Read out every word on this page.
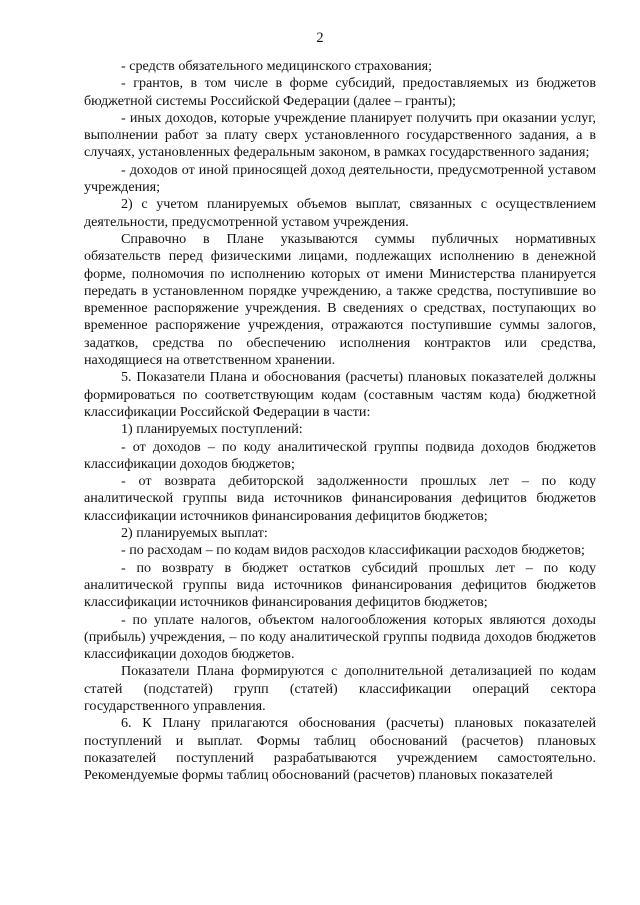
2

- средств обязательного медицинского страхования;

- грантов, в том числе в форме субсидий, предоставляемых из бюджетов бюджетной системы Российской Федерации (далее – гранты);

- иных доходов, которые учреждение планирует получить при оказании услуг, выполнении работ за плату сверх установленного государственного задания, а в случаях, установленных федеральным законом, в рамках государственного задания;

- доходов от иной приносящей доход деятельности, предусмотренной уставом учреждения;

2) с учетом планируемых объемов выплат, связанных с осуществлением деятельности, предусмотренной уставом учреждения.

Справочно в Плане указываются суммы публичных нормативных обязательств перед физическими лицами, подлежащих исполнению в денежной форме, полномочия по исполнению которых от имени Министерства планируется передать в установленном порядке учреждению, а также средства, поступившие во временное распоряжение учреждения. В сведениях о средствах, поступающих во временное распоряжение учреждения, отражаются поступившие суммы залогов, задатков, средства по обеспечению исполнения контрактов или средства, находящиеся на ответственном хранении.

5. Показатели Плана и обоснования (расчеты) плановых показателей должны формироваться по соответствующим кодам (составным частям кода) бюджетной классификации Российской Федерации в части:

1) планируемых поступлений:

- от доходов – по коду аналитической группы подвида доходов бюджетов классификации доходов бюджетов;

- от возврата дебиторской задолженности прошлых лет – по коду аналитической группы вида источников финансирования дефицитов бюджетов классификации источников финансирования дефицитов бюджетов;

2) планируемых выплат:

- по расходам – по кодам видов расходов классификации расходов бюджетов;

- по возврату в бюджет остатков субсидий прошлых лет – по коду аналитической группы вида источников финансирования дефицитов бюджетов классификации источников финансирования дефицитов бюджетов;

- по уплате налогов, объектом налогообложения которых являются доходы (прибыль) учреждения, – по коду аналитической группы подвида доходов бюджетов классификации доходов бюджетов.

Показатели Плана формируются с дополнительной детализацией по кодам статей (подстатей) групп (статей) классификации операций сектора государственного управления.

6. К Плану прилагаются обоснования (расчеты) плановых показателей поступлений и выплат. Формы таблиц обоснований (расчетов) плановых показателей поступлений разрабатываются учреждением самостоятельно. Рекомендуемые формы таблиц обоснований (расчетов) плановых показателей
